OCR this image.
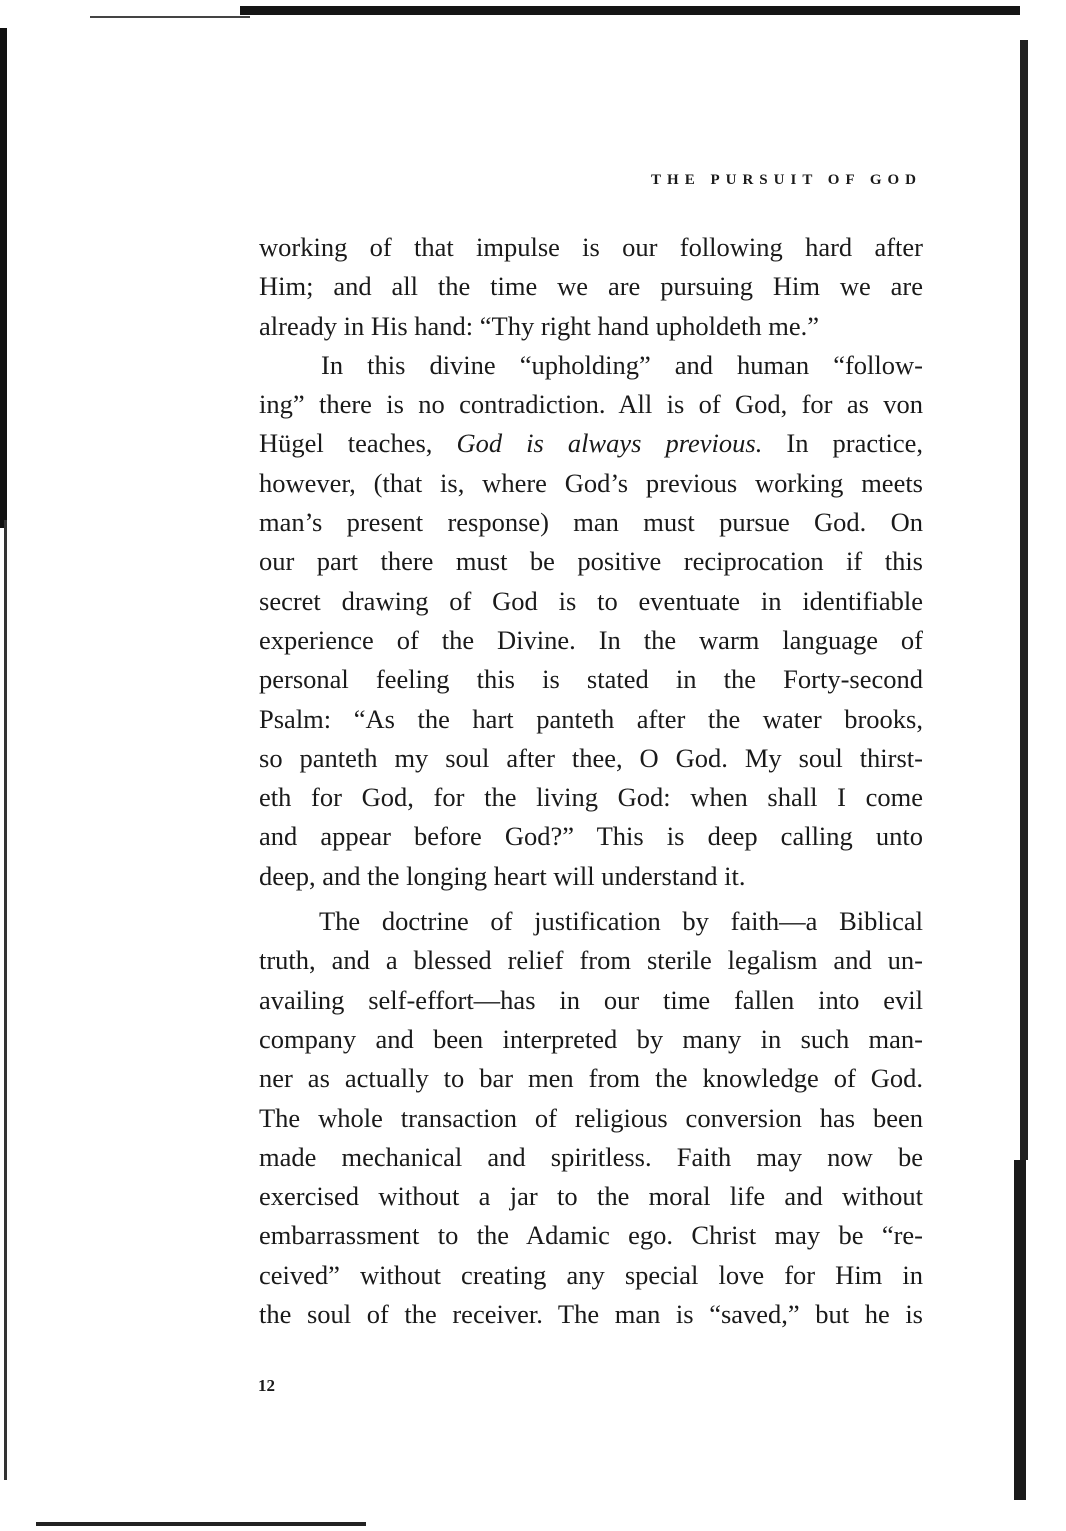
THE PURSUIT OF GOD
working of that impulse is our following hard after
Him; and all the time we are pursuing Him we are
already in His hand: “Thy right hand upholdeth me.”
In this divine “upholding” and human “follow-
ing” there is no contradiction. All is of God, for as von
Hügel teaches, God is always previous. In practice,
however, (that is, where God’s previous working meets
man’s present response) man must pursue God. On
our part there must be positive reciprocation if this
secret drawing of God is to eventuate in identifiable
experience of the Divine. In the warm language of
personal feeling this is stated in the Forty-second
Psalm: “As the hart panteth after the water brooks,
so panteth my soul after thee, O God. My soul thirst-
eth for God, for the living God: when shall I come
and appear before God?” This is deep calling unto
deep, and the longing heart will understand it.
The doctrine of justification by faith—a Biblical
truth, and a blessed relief from sterile legalism and un-
availing self-effort—has in our time fallen into evil
company and been interpreted by many in such man-
ner as actually to bar men from the knowledge of God.
The whole transaction of religious conversion has been
made mechanical and spiritless. Faith may now be
exercised without a jar to the moral life and without
embarrassment to the Adamic ego. Christ may be “re-
ceived” without creating any special love for Him in
the soul of the receiver. The man is “saved,” but he is
12
